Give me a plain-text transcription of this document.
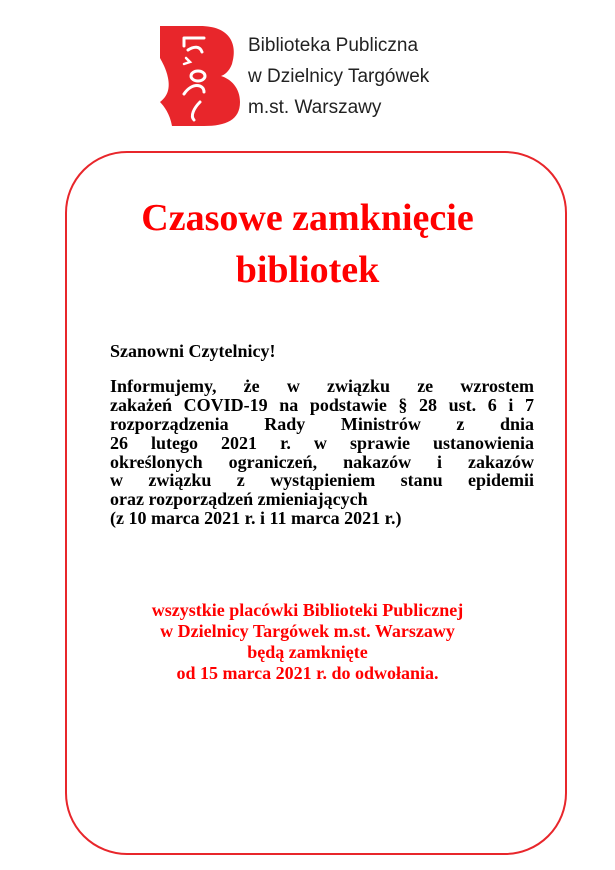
Biblioteka Publiczna
w Dzielnicy Targówek
m.st. Warszawy
Czasowe zamknięcie
bibliotek
Szanowni Czytelnicy!
Informujemy, że w związku ze wzrostem
zakażeń COVID-19 na podstawie § 28 ust. 6 i 7
rozporządzenia Rady Ministrów z dnia
26 lutego 2021 r. w sprawie ustanowienia
określonych ograniczeń, nakazów i zakazów
w związku z wystąpieniem stanu epidemii
oraz rozporządzeń zmieniających
(z 10 marca 2021 r. i 11 marca 2021 r.)
wszystkie placówki Biblioteki Publicznej
w Dzielnicy Targówek m.st. Warszawy
będą zamknięte
od 15 marca 2021 r. do odwołania.
